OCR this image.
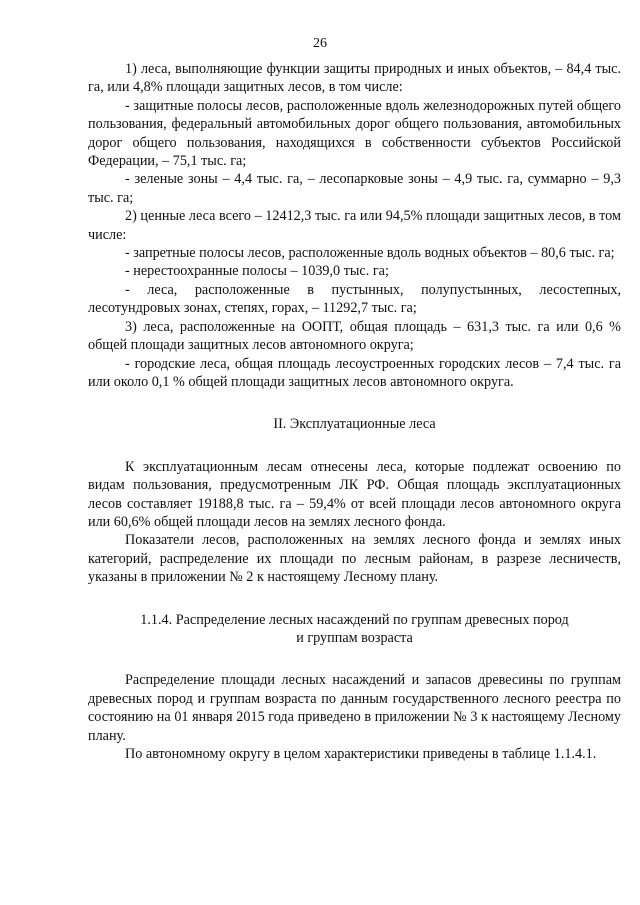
26

1) леса, выполняющие функции защиты природных и иных объектов, – 84,4 тыс. га, или 4,8% площади защитных лесов, в том числе:

- защитные полосы лесов, расположенные вдоль железнодорожных путей общего пользования, федеральный автомобильных дорог общего пользования, автомобильных дорог общего пользования, находящихся в собственности субъектов Российской Федерации, – 75,1 тыс. га;

- зеленые зоны – 4,4 тыс. га, – лесопарковые зоны – 4,9 тыс. га, суммарно – 9,3 тыс. га;

2) ценные леса всего – 12412,3 тыс. га или 94,5% площади защитных лесов, в том числе:

- запретные полосы лесов, расположенные вдоль водных объектов – 80,6 тыс. га;

- нерестоохранные полосы – 1039,0 тыс. га;

- леса, расположенные в пустынных, полупустынных, лесостепных, лесотундровых зонах, степях, горах, – 11292,7 тыс. га;

3) леса, расположенные на ООПТ, общая площадь – 631,3 тыс. га или 0,6 % общей площади защитных лесов автономного округа;

- городские леса, общая площадь лесоустроенных городских лесов – 7,4 тыс. га или около 0,1 % общей площади защитных лесов автономного округа.

II. Эксплуатационные леса

К эксплуатационным лесам отнесены леса, которые подлежат освоению по видам пользования, предусмотренным ЛК РФ. Общая площадь эксплуатационных лесов составляет 19188,8 тыс. га – 59,4% от всей площади лесов автономного округа или 60,6% общей площади лесов на землях лесного фонда.

Показатели лесов, расположенных на землях лесного фонда и землях иных категорий, распределение их площади по лесным районам, в разрезе лесничеств, указаны в приложении № 2 к настоящему Лесному плану.

1.1.4. Распределение лесных насаждений по группам древесных пород
и группам возраста

Распределение площади лесных насаждений и запасов древесины по группам древесных пород и группам возраста по данным государственного лесного реестра по состоянию на 01 января 2015 года приведено в приложении № 3 к настоящему Лесному плану.

По автономному округу в целом характеристики приведены в таблице 1.1.4.1.
